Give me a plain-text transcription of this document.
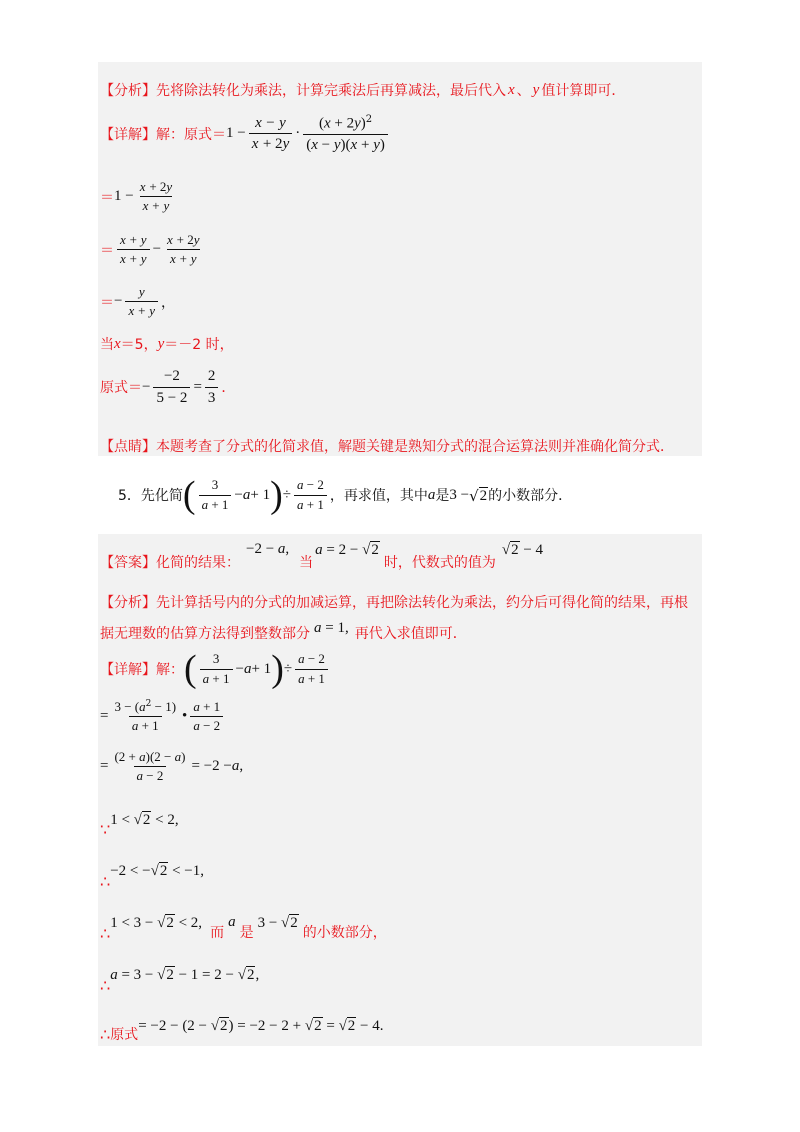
【分析】 先将除法转化为乘法，计算完乘法后再算减法，最后代入 x 、 y 值计算即可．
【详解】 解：原式＝ $1 - \frac{x - y}{x + 2y} \cdot \frac{(x + 2y)^2}{(x - y)(x + y)}$
＝ $1 - \frac{x + 2y}{x + y}$
＝ $\frac{x + y}{x + y} - \frac{x + 2y}{x + y}$
＝ − $\frac{y}{x + y}$ ，
当 x ＝5， y ＝－2 时，
原式＝ − $\frac{-2}{5 - 2} = \frac{2}{3}$ ．
【点睛】 本题考查了分式的化简求值，解题关键是熟知分式的混合运算法则并准确化简分式．
5． 先化简 ( $\frac{3}{a + 1} - a + 1$ ) ÷ $\frac{a - 2}{a + 1}$ ，再求值，其中 a 是 3 − √ 2 的小数部分．
【答案】 化简的结果：
−2 − a,
当
a = 2 − √ 2
时，代数式的值为
√ 2 − 4
【分析】 先计算括号内的分式的加减运算，再把除法转化为乘法，约分后可得化简的结果，再根
据无理数的估算方法得到整数部分 a = 1, 再代入求值即可．
【详解】 解： ( $\frac{3}{a + 1} - a + 1$ ) ÷ $\frac{a - 2}{a + 1}$
= $\frac{3 - (a^2 - 1)}{a + 1}$ • $\frac{a + 1}{a - 2}$
= $\frac{(2 + a)(2 - a)}{a - 2} = -2 - a$ ,
∵ 1 < √ 2 < 2,
∴
−2 < − √ 2 < −1,
∴
1 < 3 − √ 2 < 2,
而
a
是
3 − √ 2
的小数部分，
∴
a = 3 − √ 2 − 1 = 2 − √ 2 ,
∴ 原式
= −2 − (2 − √ 2 ) = −2 − 2 + √ 2 = √ 2 − 4.
